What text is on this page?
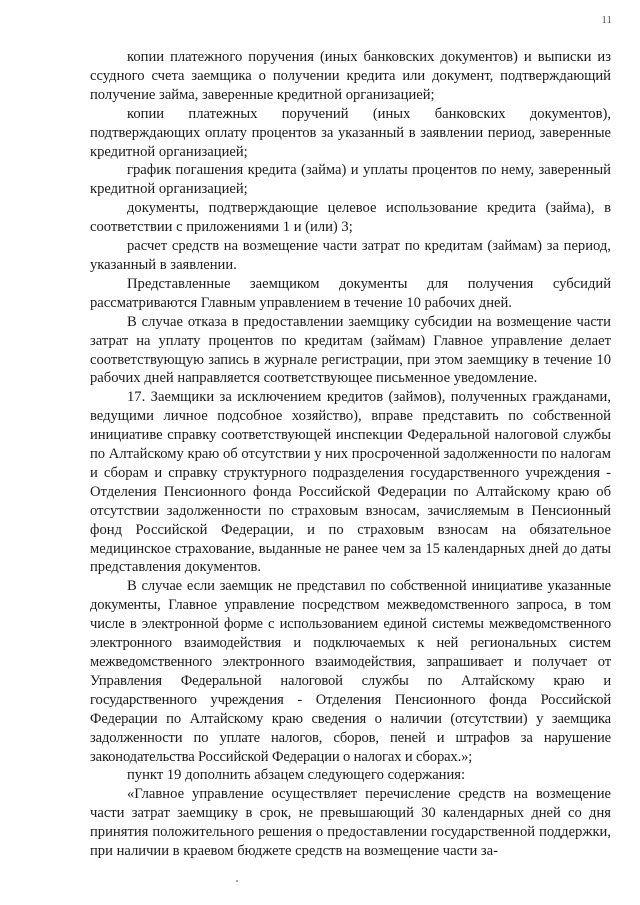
11

копии платежного поручения (иных банковских документов) и выписки из ссудного счета заемщика о получении кредита или документ, подтверждающий получение займа, заверенные кредитной организацией;

копии платежных поручений (иных банковских документов), подтверждающих оплату процентов за указанный в заявлении период, заверенные кредитной организацией;

график погашения кредита (займа) и уплаты процентов по нему, заверенный кредитной организацией;

документы, подтверждающие целевое использование кредита (займа), в соответствии с приложениями 1 и (или) 3;

расчет средств на возмещение части затрат по кредитам (займам) за период, указанный в заявлении.

Представленные заемщиком документы для получения субсидий рассматриваются Главным управлением в течение 10 рабочих дней.

В случае отказа в предоставлении заемщику субсидии на возмещение части затрат на уплату процентов по кредитам (займам) Главное управление делает соответствующую запись в журнале регистрации, при этом заемщику в течение 10 рабочих дней направляется соответствующее письменное уведомление.

17. Заемщики за исключением кредитов (займов), полученных гражданами, ведущими личное подсобное хозяйство), вправе представить по собственной инициативе справку соответствующей инспекции Федеральной налоговой службы по Алтайскому краю об отсутствии у них просроченной задолженности по налогам и сборам и справку структурного подразделения государственного учреждения - Отделения Пенсионного фонда Российской Федерации по Алтайскому краю об отсутствии задолженности по страховым взносам, зачисляемым в Пенсионный фонд Российской Федерации, и по страховым взносам на обязательное медицинское страхование, выданные не ранее чем за 15 календарных дней до даты представления документов.

В случае если заемщик не представил по собственной инициативе указанные документы, Главное управление посредством межведомственного запроса, в том числе в электронной форме с использованием единой системы межведомственного электронного взаимодействия и подключаемых к ней региональных систем межведомственного электронного взаимодействия, запрашивает и получает от Управления Федеральной налоговой службы по Алтайскому краю и государственного учреждения - Отделения Пенсионного фонда Российской Федерации по Алтайскому краю сведения о наличии (отсутствии) у заемщика задолженности по уплате налогов, сборов, пеней и штрафов за нарушение законодательства Российской Федерации о налогах и сборах.»;

пункт 19 дополнить абзацем следующего содержания:

«Главное управление осуществляет перечисление средств на возмещение части затрат заемщику в срок, не превышающий 30 календарных дней со дня принятия положительного решения о предоставлении государственной поддержки, при наличии в краевом бюджете средств на возмещение части за-
